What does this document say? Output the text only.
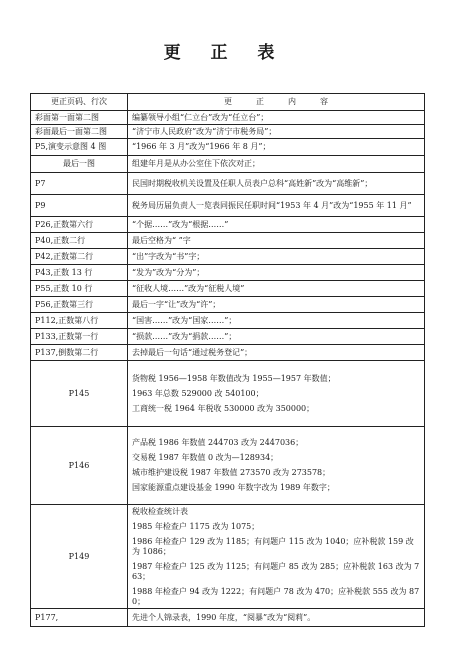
更 正 表
更正页码、行次	更　　　正　　　内　　　容
彩面第一面第二图	编纂领导小组“仁立台”改为“任立台”；

彩面最后一面第二图	“济宁市人民政府”改为“济宁市税务局”；

P5,演变示意图 4 图	“1966 年 3 月”改为“1966 年 8 月”；

最后一图	组建年月是从办公室住下依次对正；

P7	民国时期税收机关设置及任职人员表户总科“高姓新”改为“高维新”；

P9	税务局历届负责人一览表同振民任职时间“1953 年 4 月”改为“1955 年 11 月”

P26,正数第六行	“个据……”改为“根据……”

P40,正数二行	最后空格为“ ”字

P42,正数第二行	“出”字改为“书”字；

P43,正数 13 行	“发为”改为“分为”；

P55,正数 10 行	“征收人境……”改为“征税人境”

P56,正数第三行	最后一字“让”改为“许”；

P112,正数第八行	“国害……”改为“国家……”；

P133,正数第一行	“损款……”改为“捐款……”；

P137,倒数第二行	去掉最后一句话“通过税务登记”；

P145	货物税 1956—1958 年数值改为 1955—1957 年数值；

1963 年总数 529000 改 540100；

工商统一税 1964 年税收 530000 改为 350000；

P146	产品税 1986 年数值 244703 改为 2447036；

交易税 1987 年数值 0 改为—128934；

城市维护建设税 1987 年数值 273570 改为 273578；

国家能源重点建设基金 1990 年数字改为 1989 年数字；

P149	税收检查统计表

1985 年检查户 1175 改为 1075；

1986 年检查户 129 改为 1185；有问题户 115 改为 1040；应补税款 159 改为 1086；

1987 年检查户 125 改为 1125；有问题户 85 改为 285；应补税款 163 改为 763；

1988 年检查户 94 改为 1222；有问题户 78 改为 470；应补税款 555 改为 870；

P177,	先进个人锦录表，1990 年度，“阅暴”改为“阅莉”。
